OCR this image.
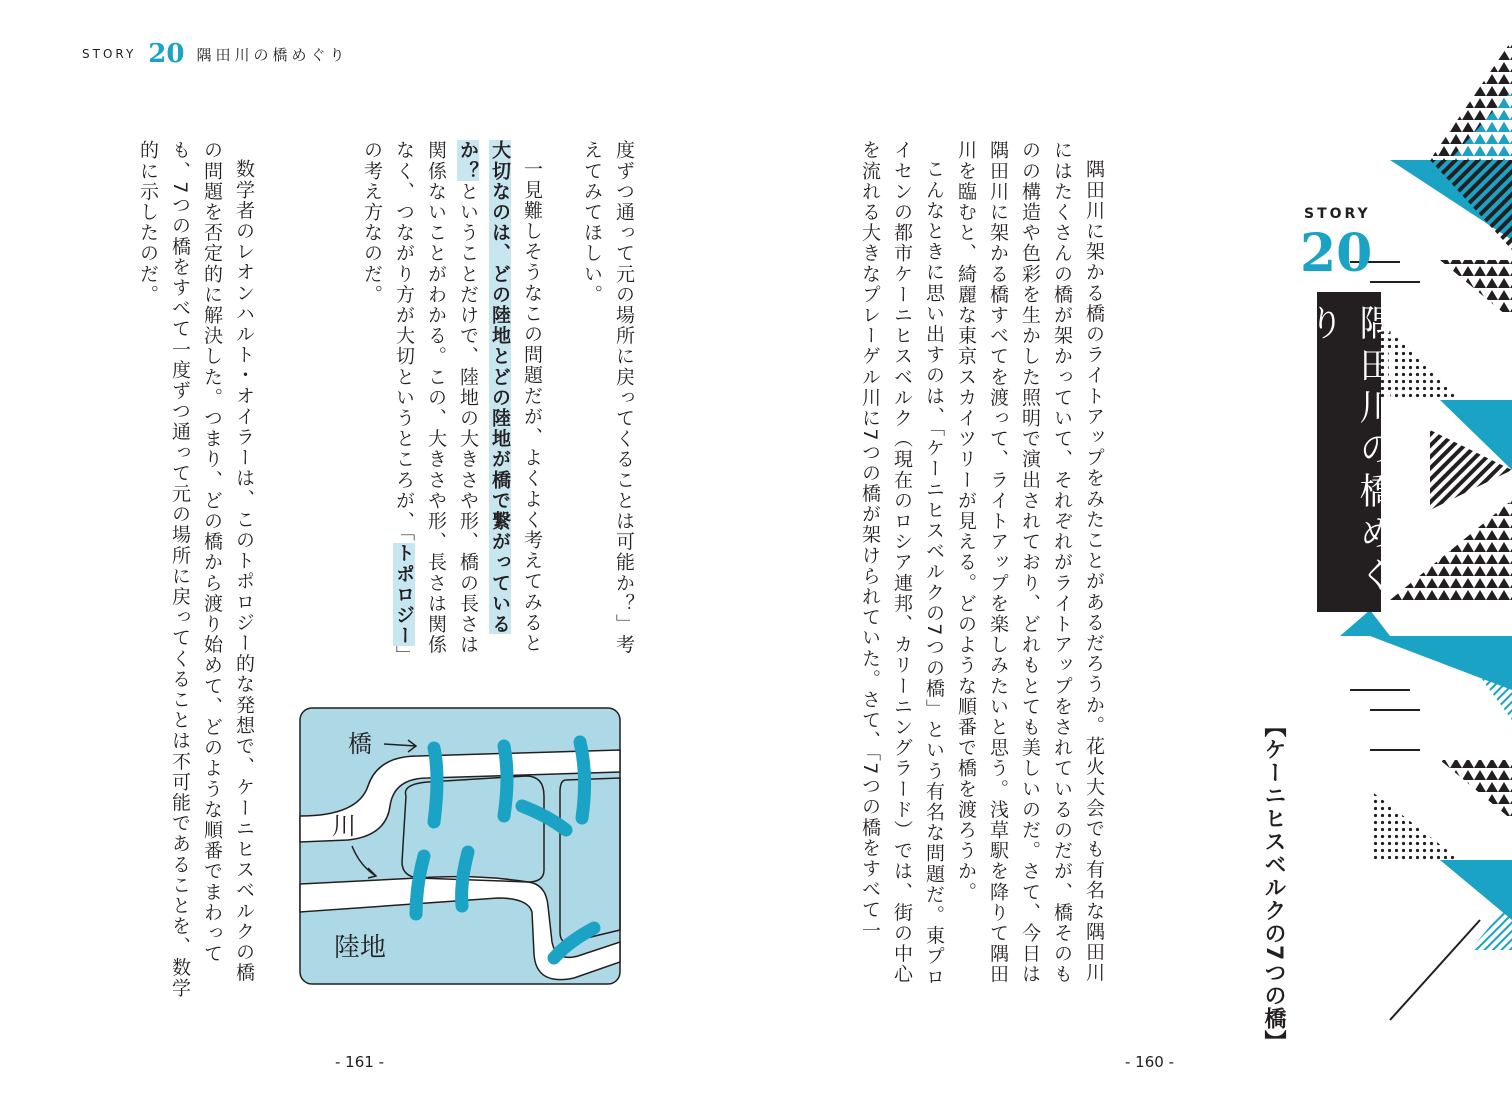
STORY 20 隅田川の橋めぐり

度ずつ通って元の場所に戻ってくることは可能か？」考えてみてほしい。

一見難しそうなこの問題だが、よくよく考えてみると大切なのは、どの陸地とどの陸地が橋で繋がっているか？ということだけで、陸地の大きさや形、橋の長さは関係ないことがわかる。この、大きさや形、長さは関係なく、つながり方が大切というところが、「トポロジー」の考え方なのだ。

数学者のレオンハルト・オイラーは、このトポロジー的な発想で、ケーニヒスベルクの橋の問題を否定的に解決した。つまり、どの橋から渡り始めて、どのような順番でまわっても、7つの橋をすべて一度ずつ通って元の場所に戻ってくることは不可能であることを、数学的に示したのだ。

橋
川
陸地
- 161 -

隅田川に架かる橋のライトアップをみたことがあるだろうか。花火大会でも有名な隅田川にはたくさんの橋が架かっていて、それぞれがライトアップをされているのだが、橋そのものの構造や色彩を生かした照明で演出されており、どれもとても美しいのだ。さて、今日は隅田川に架かる橋すべてを渡って、ライトアップを楽しみたいと思う。浅草駅を降りて隅田川を臨むと、綺麗な東京スカイツリーが見える。どのような順番で橋を渡ろうか。

こんなときに思い出すのは、「ケーニヒスベルクの7つの橋」という有名な問題だ。東プロイセンの都市ケーニヒスベルク（現在のロシア連邦、カリーニングラード）では、街の中心を流れる大きなプレーゲル川に7つの橋が架けられていた。さて、「7つの橋をすべて一

- 160 -
STORY
20
隅田川の橋めぐり
【ケーニヒスベルクの7つの橋】
